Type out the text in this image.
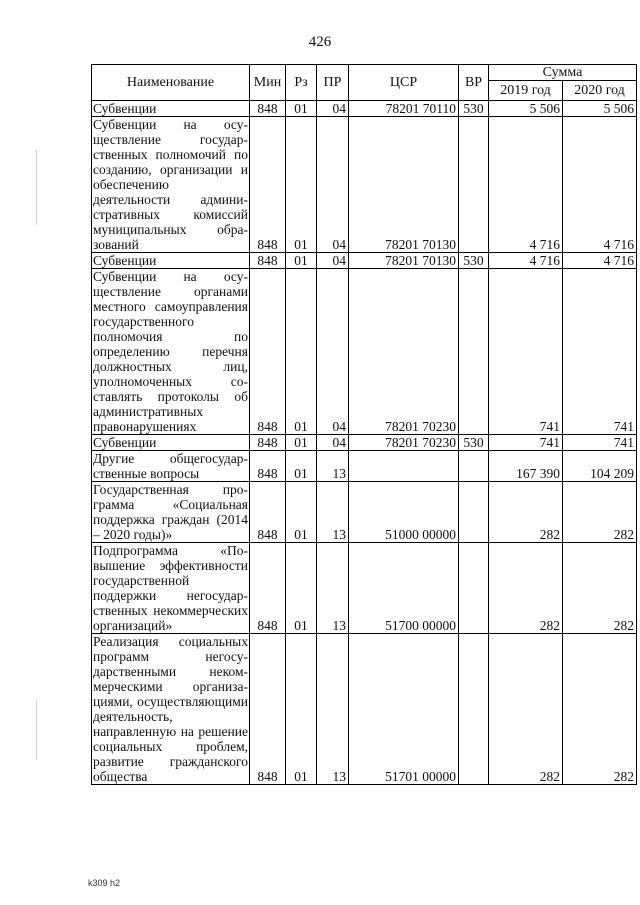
426
Наименование	Мин	Рз	ПР	ЦСР	ВР	Сумма	
						2019 год	2020 год
Субвенции	848	01	04	78201 70110	530	5 506	5 506
Субвенции на осуществление государственных полномочий по созданию, организации и обеспечению деятельности административных комиссий муниципальных образований	848	01	04	78201 70130		4 716	4 716
Субвенции	848	01	04	78201 70130	530	4 716	4 716
Субвенции на осуществление органами местного самоуправления государственного полномочия по определению перечня должностных лиц, уполномоченных составлять протоколы об административных правонарушениях	848	01	04	78201 70230		741	741
Субвенции	848	01	04	78201 70230	530	741	741
Другие общегосударственные вопросы	848	01	13			167 390	104 209
Государственная программа «Социальная поддержка граждан (2014 – 2020 годы)»	848	01	13	51000 00000		282	282
Подпрограмма «Повышение эффективности государственной поддержки негосударственных некоммерческих организаций»	848	01	13	51700 00000		282	282
Реализация социальных программ негосударственными некоммерческими организациями, осуществляющими деятельность, направленную на решение социальных проблем, развитие гражданского общества	848	01	13	51701 00000		282	282
k309 h2
